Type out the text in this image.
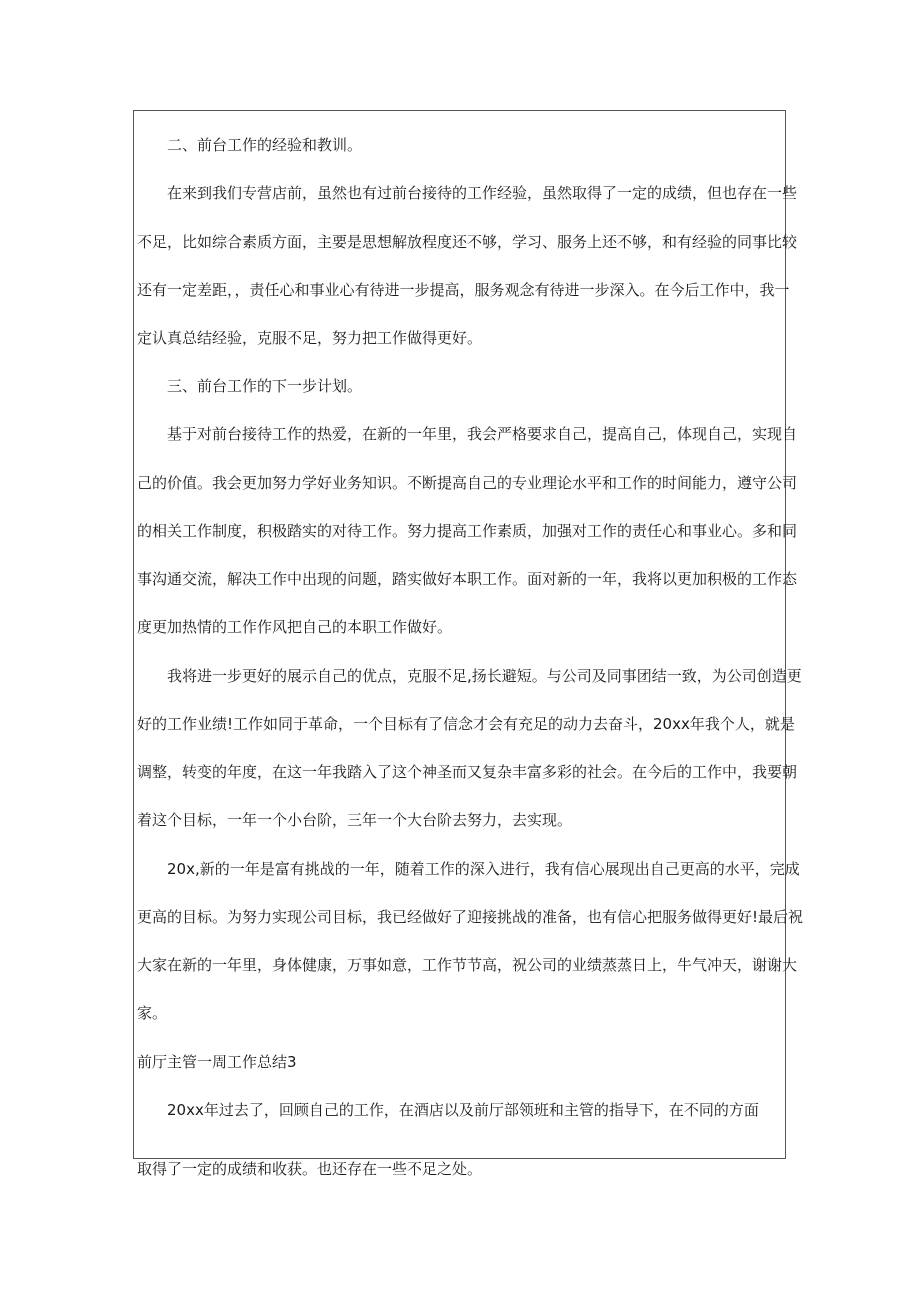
二、前台工作的经验和教训。
在来到我们专营店前，虽然也有过前台接待的工作经验，虽然取得了一定的成绩，但也存在一些
不足，比如综合素质方面，主要是思想解放程度还不够，学习、服务上还不够，和有经验的同事比较
还有一定差距，，责任心和事业心有待进一步提高，服务观念有待进一步深入。在今后工作中，我一
定认真总结经验，克服不足，努力把工作做得更好。
三、前台工作的下一步计划。
基于对前台接待工作的热爱，在新的一年里，我会严格要求自己，提高自己，体现自己，实现自
己的价值。我会更加努力学好业务知识。不断提高自己的专业理论水平和工作的时间能力，遵守公司
的相关工作制度，积极踏实的对待工作。努力提高工作素质，加强对工作的责任心和事业心。多和同
事沟通交流，解决工作中出现的问题，踏实做好本职工作。面对新的一年，我将以更加积极的工作态
度更加热情的工作作风把自己的本职工作做好。
我将进一步更好的展示自己的优点，克服不足,扬长避短。与公司及同事团结一致，为公司创造更
好的工作业绩!工作如同于革命，一个目标有了信念才会有充足的动力去奋斗，20xx年我个人，就是
调整，转变的年度，在这一年我踏入了这个神圣而又复杂丰富多彩的社会。在今后的工作中，我要朝
着这个目标，一年一个小台阶，三年一个大台阶去努力，去实现。
20x,新的一年是富有挑战的一年，随着工作的深入进行，我有信心展现出自己更高的水平，完成
更高的目标。为努力实现公司目标，我已经做好了迎接挑战的准备，也有信心把服务做得更好!最后祝
大家在新的一年里，身体健康，万事如意，工作节节高，祝公司的业绩蒸蒸日上，牛气冲天，谢谢大
家。
前厅主管一周工作总结3
20xx年过去了，回顾自己的工作，在酒店以及前厅部领班和主管的指导下，在不同的方面
取得了一定的成绩和收获。也还存在一些不足之处。
